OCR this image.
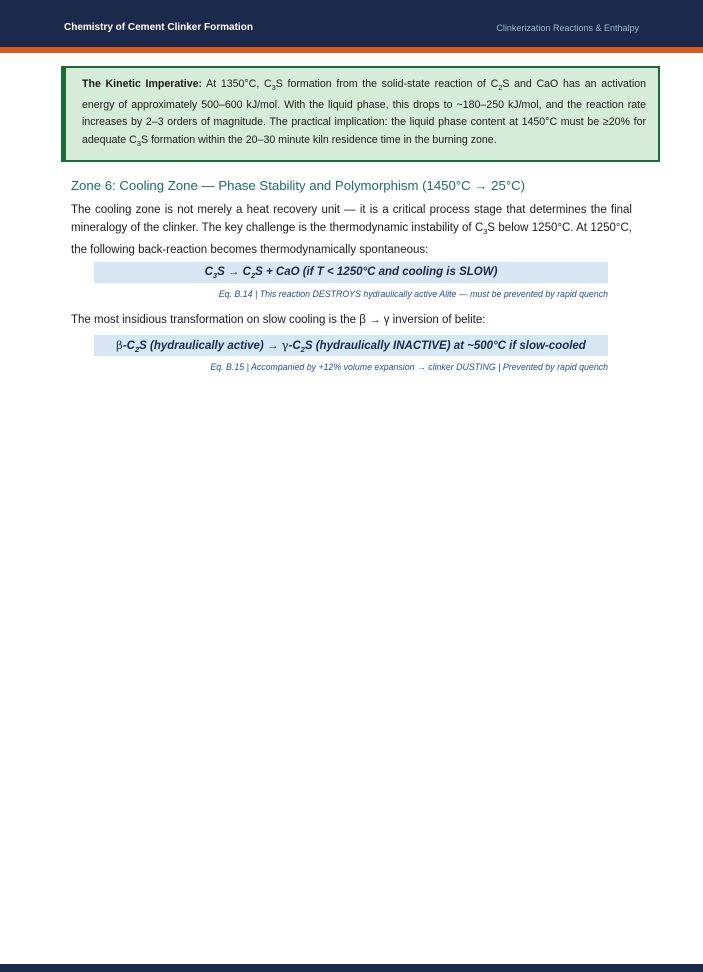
Chemistry of Cement Clinker Formation	Clinkerization Reactions & Enthalpy
The Kinetic Imperative: At 1350°C, $C_3S$ formation from the solid-state reaction of $C_2S$ and CaO has an activation energy of approximately 500–600 kJ/mol. With the liquid phase, this drops to ~180–250 kJ/mol, and the reaction rate increases by 2–3 orders of magnitude. The practical implication: the liquid phase content at 1450°C must be ≥20% for adequate $C_3S$ formation within the 20–30 minute kiln residence time in the burning zone.
Zone 6: Cooling Zone — Phase Stability and Polymorphism (1450°C → 25°C)
The cooling zone is not merely a heat recovery unit — it is a critical process stage that determines the final mineralogy of the clinker. The key challenge is the thermodynamic instability of $C_3S$ below 1250°C. At 1250°C, the following back-reaction becomes thermodynamically spontaneous:
$C_3S \to C_2S$ + CaO (if T < 1250°C and cooling is SLOW)
Eq. B.14 | This reaction DESTROYS hydraulically active Alite — must be prevented by rapid quench
The most insidious transformation on slow cooling is the β → γ inversion of belite:
$\beta-C_2S$ (hydraulically active) → $\gamma-C_2S$ (hydraulically INACTIVE) at ~500°C if slow-cooled
Eq. B.15 | Accompanied by +12% volume expansion → clinker DUSTING | Prevented by rapid quench
